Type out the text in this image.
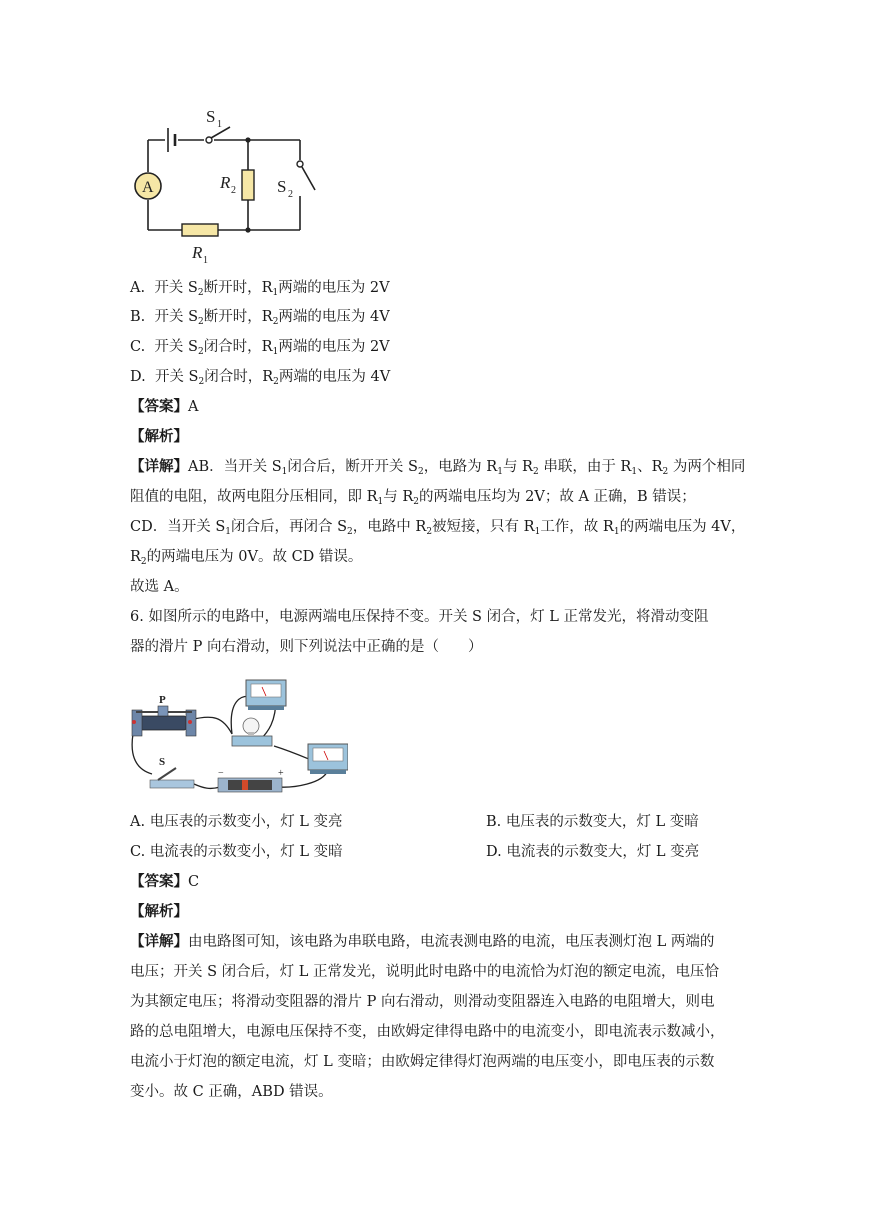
S 1
A	R 2 S 2
R 1
A. 开关 $S_2$断开时，$R_1$两端的电压为 2V
B. 开关 $S_2$断开时，$R_2$两端的电压为 4V
C. 开关 $S_2$闭合时，$R_1$两端的电压为 2V
D. 开关 $S_2$闭合时，$R_2$两端的电压为 4V
【答案】A
【解析】
【详解】AB．当开关 $S_1$闭合后，断开开关 $S_2$，电路为 $R_1$与 $R_2$ 串联，由于 $R_1$、$R_2$ 为两个相同
阻值的电阻，故两电阻分压相同，即 $R_1$与 $R_2$的两端电压均为 2V；故 A 正确，B 错误；
CD．当开关 $S_1$闭合后，再闭合 $S_2$，电路中 $R_2$被短接，只有 $R_1$工作，故 $R_1$的两端电压为 4V，
$R_2$的两端电压为 0V。故 CD 错误。
故选 A。
6. 如图所示的电路中，电源两端电压保持不变。开关 S 闭合，灯 L 正常发光，将滑动变阻
器的滑片 P 向右滑动，则下列说法中正确的是（　　）
P
S
−	+
A. 电压表的示数变小，灯 L 变亮	B. 电压表的示数变大，灯 L 变暗
C. 电流表的示数变小，灯 L 变暗	D. 电流表的示数变大，灯 L 变亮
【答案】C
【解析】
【详解】由电路图可知，该电路为串联电路，电流表测电路的电流，电压表测灯泡 L 两端的
电压；开关 S 闭合后，灯 L 正常发光，说明此时电路中的电流恰为灯泡的额定电流，电压恰
为其额定电压；将滑动变阻器的滑片 P 向右滑动，则滑动变阻器连入电路的电阻增大，则电
路的总电阻增大，电源电压保持不变，由欧姆定律得电路中的电流变小，即电流表示数减小，
电流小于灯泡的额定电流，灯 L 变暗；由欧姆定律得灯泡两端的电压变小，即电压表的示数
变小。故 C 正确，ABD 错误。
